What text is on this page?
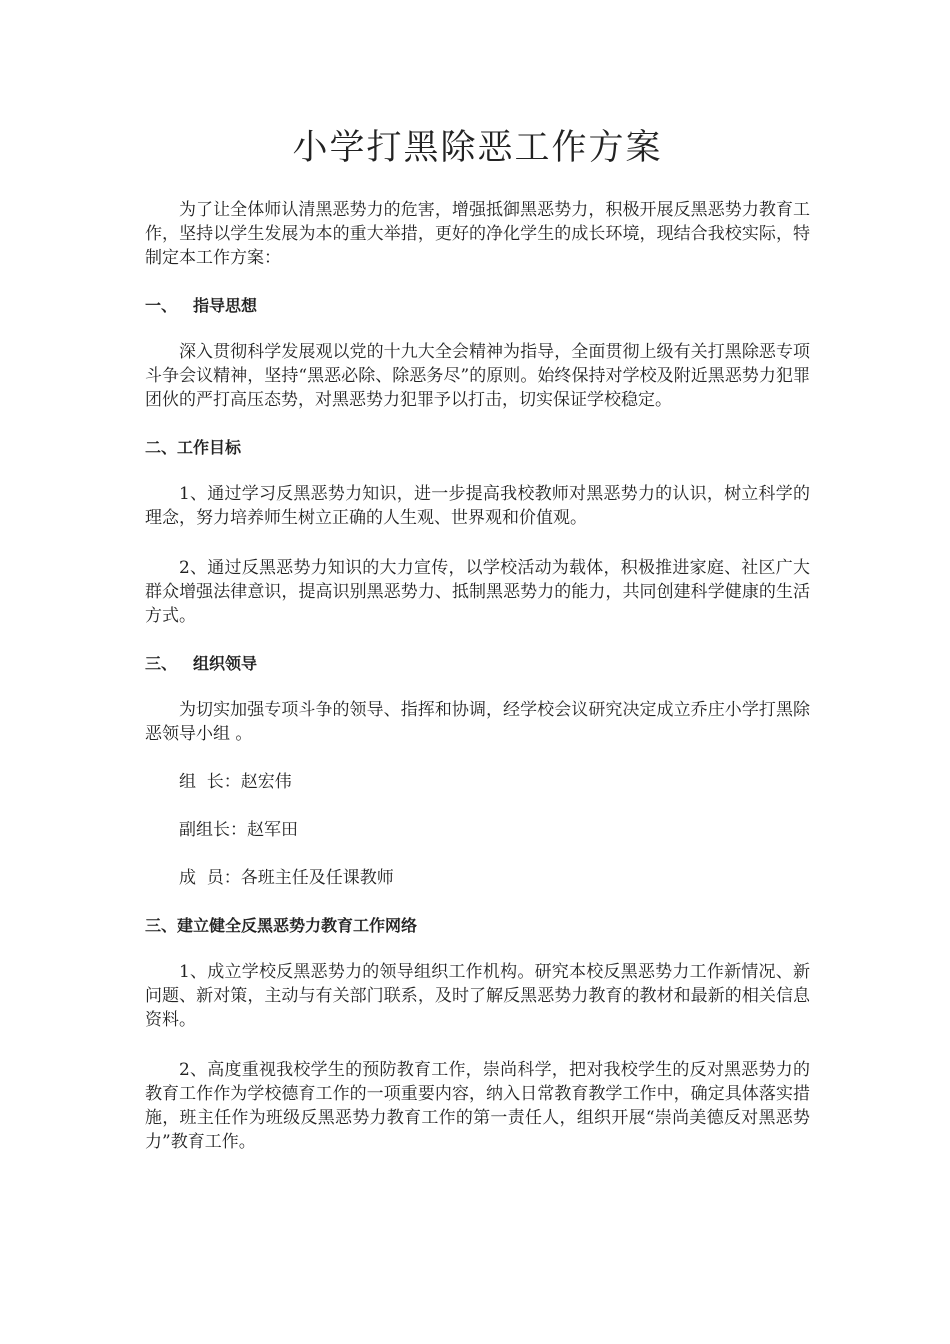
小学打黑除恶工作方案

为了让全体师认清黑恶势力的危害，增强抵御黑恶势力，积极开展反黑恶势力教育工作，坚持以学生发展为本的重大举措，更好的净化学生的成长环境，现结合我校实际，特制定本工作方案：

一、 指导思想

深入贯彻科学发展观以党的十九大全会精神为指导，全面贯彻上级有关打黑除恶专项斗争会议精神，坚持“黑恶必除、除恶务尽”的原则。始终保持对学校及附近黑恶势力犯罪团伙的严打高压态势，对黑恶势力犯罪予以打击，切实保证学校稳定。

二、工作目标

1、通过学习反黑恶势力知识，进一步提高我校教师对黑恶势力的认识，树立科学的理念，努力培养师生树立正确的人生观、世界观和价值观。

2、通过反黑恶势力知识的大力宣传，以学校活动为载体，积极推进家庭、社区广大群众增强法律意识，提高识别黑恶势力、抵制黑恶势力的能力，共同创建科学健康的生活方式。

三、 组织领导

为切实加强专项斗争的领导、指挥和协调，经学校会议研究决定成立乔庄小学打黑除恶领导小组 。

组  长：赵宏伟

副组长：赵军田

成  员：各班主任及任课教师

三、建立健全反黑恶势力教育工作网络

1、成立学校反黑恶势力的领导组织工作机构。研究本校反黑恶势力工作新情况、新问题、新对策，主动与有关部门联系，及时了解反黑恶势力教育的教材和最新的相关信息资料。

2、高度重视我校学生的预防教育工作，崇尚科学，把对我校学生的反对黑恶势力的教育工作作为学校德育工作的一项重要内容，纳入日常教育教学工作中，确定具体落实措施，班主任作为班级反黑恶势力教育工作的第一责任人，组织开展“崇尚美德反对黑恶势力”教育工作。
